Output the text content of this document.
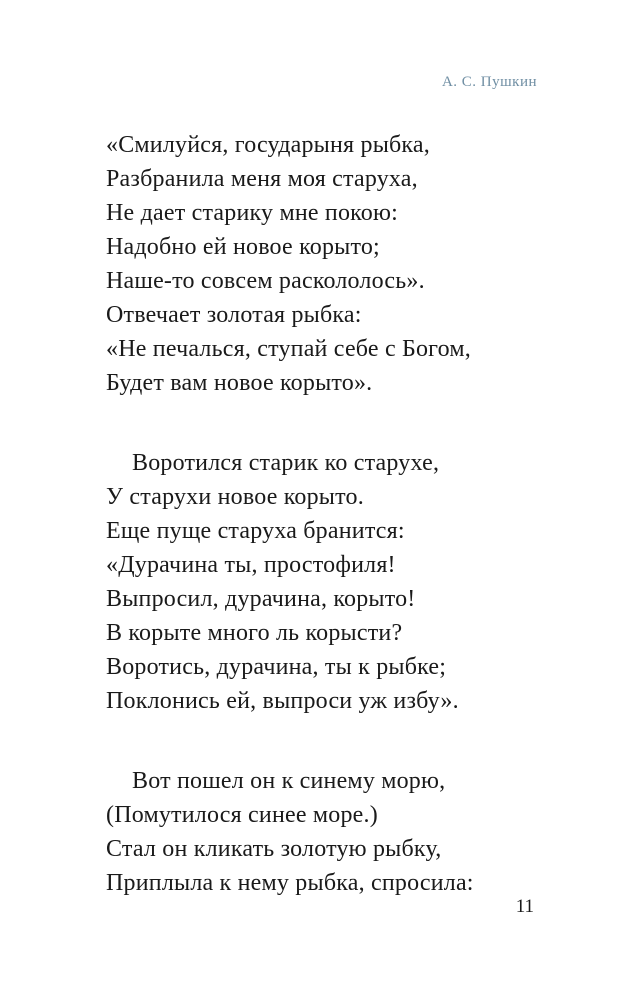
А. С. Пушкин
«Смилуйся, государыня рыбка,
Разбранила меня моя старуха,
Не дает старику мне покою:
Надобно ей новое корыто;
Наше-то совсем раскололось».
Отвечает золотая рыбка:
«Не печалься, ступай себе с Богом,
Будет вам новое корыто».
Воротился старик ко старухе,
У старухи новое корыто.
Еще пуще старуха бранится:
«Дурачина ты, простофиля!
Выпросил, дурачина, корыто!
В корыте много ль корысти?
Воротись, дурачина, ты к рыбке;
Поклонись ей, выпроси уж избу».
Вот пошел он к синему морю,
(Помутилося синее море.)
Стал он кликать золотую рыбку,
Приплыла к нему рыбка, спросила:
11
